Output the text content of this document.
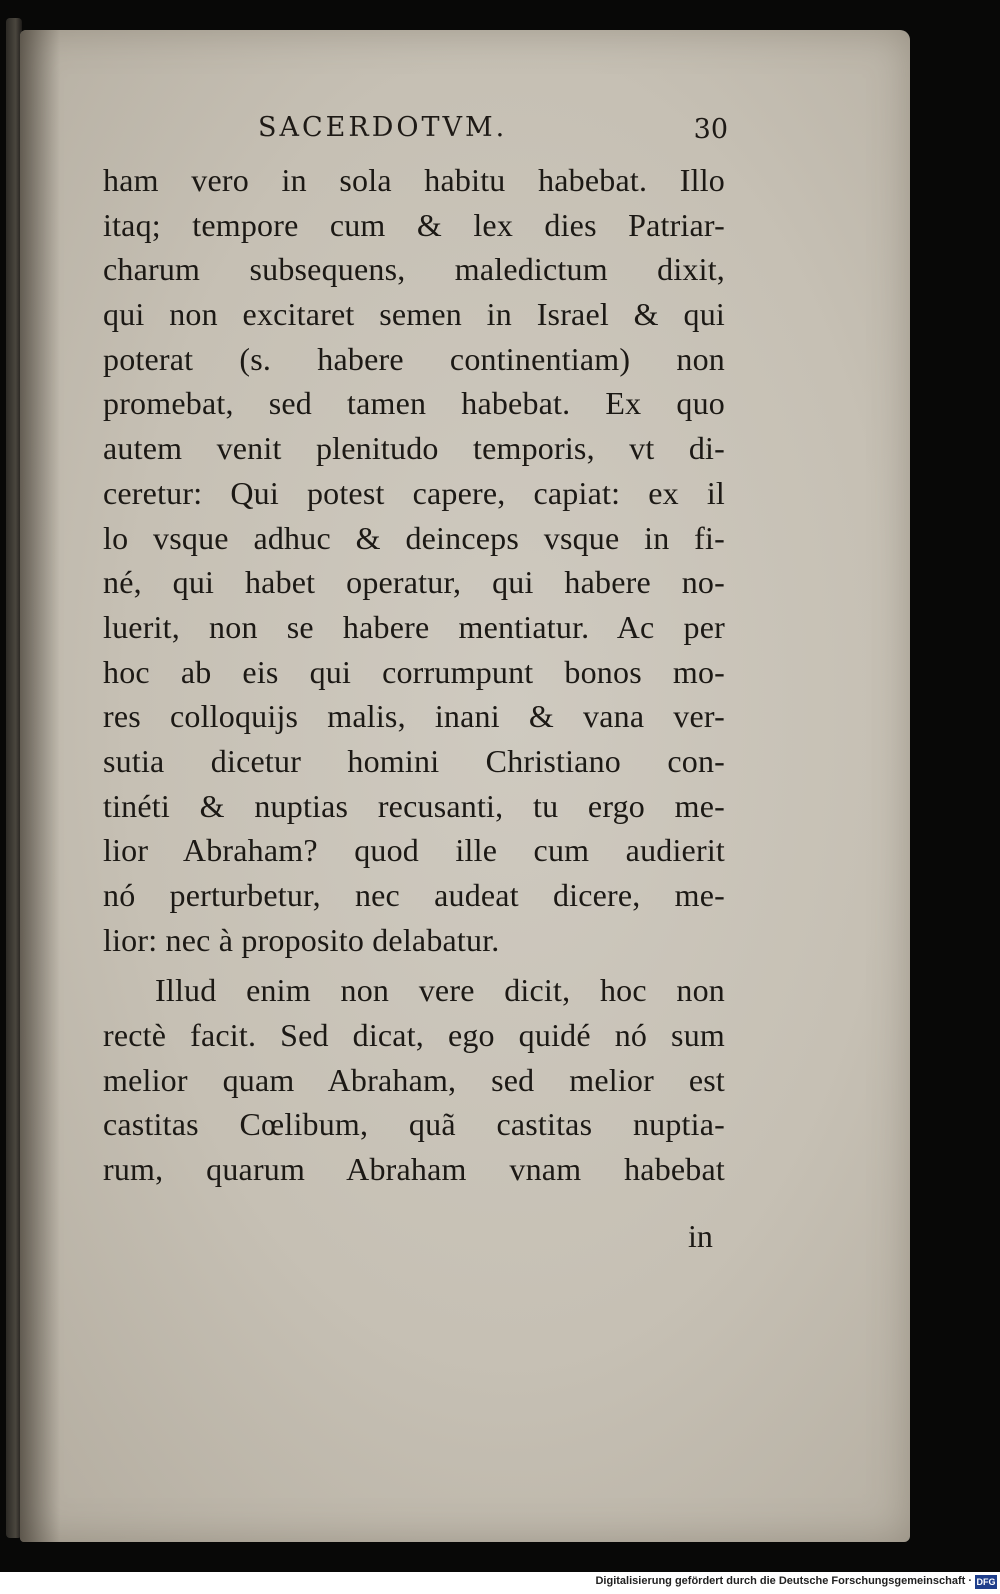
SACERDOTVM.	30
ham vero in sola habitu habebat. Illo
itaq; tempore cum & lex dies Patriar-
charum subsequens, maledictum dixit,
qui non excitaret semen in Israel & qui
poterat (s. habere continentiam) non
promebat, sed tamen habebat. Ex quo
autem venit plenitudo temporis, vt di-
ceretur: Qui potest capere, capiat: ex il
lo vsque adhuc & deinceps vsque in fi-
né, qui habet operatur, qui habere no-
luerit, non se habere mentiatur. Ac per
hoc ab eis qui corrumpunt bonos mo-
res colloquijs malis, inani & vana ver-
sutia dicetur homini Christiano con-
tinéti & nuptias recusanti, tu ergo me-
lior Abraham? quod ille cum audierit
nó perturbetur, nec audeat dicere, me-
lior: nec à proposito delabatur.
Illud enim non vere dicit, hoc non
rectè facit. Sed dicat, ego quidé nó sum
melior quam Abraham, sed melior est
castitas Cœlibum, quã castitas nuptia-
rum, quarum Abraham vnam habebat
in
Digitalisierung gefördert durch die Deutsche Forschungsgemeinschaft · DFG
